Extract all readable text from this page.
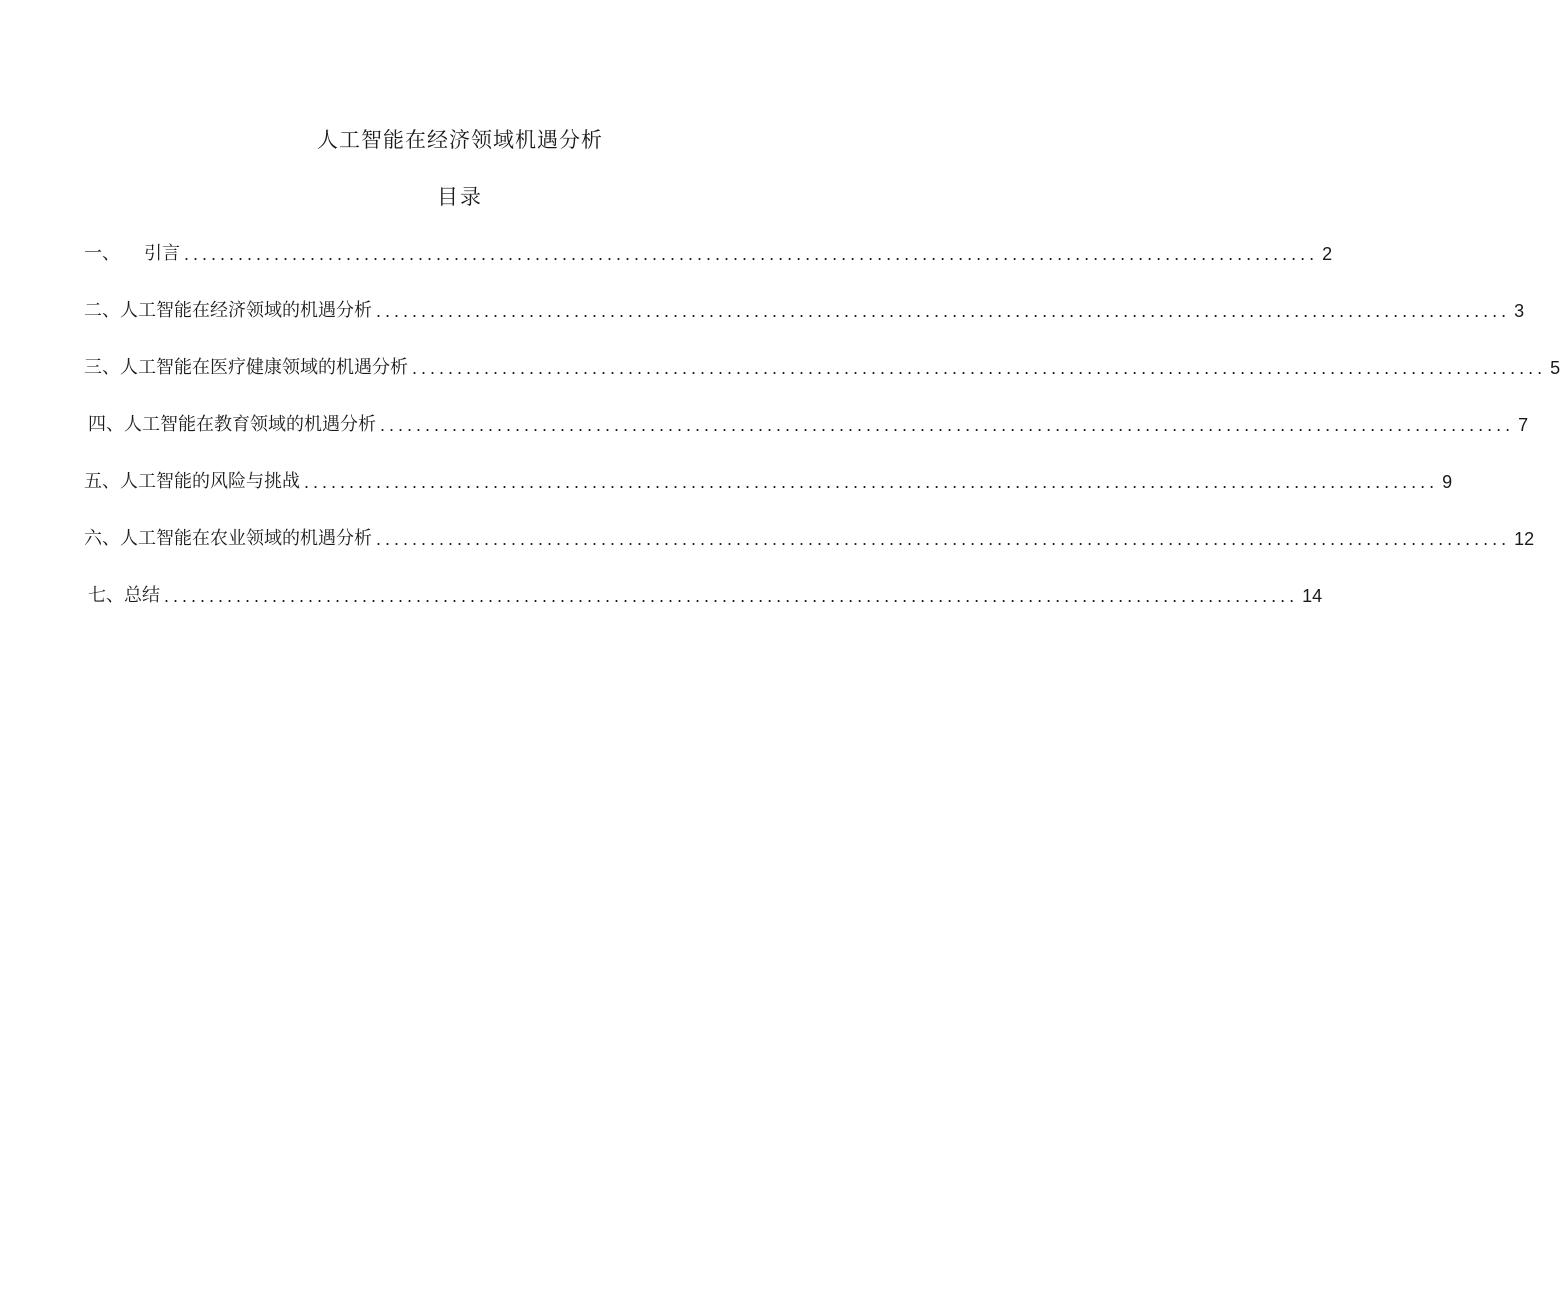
人工智能在经济领域机遇分析
目录
一、 引言 .............................................................................................................................. 2
二、 人工智能在经济领域的机遇分析 .............................................................................................................................. 3
三、 人工智能在医疗健康领域的机遇分析 .............................................................................................................................. 5
四、 人工智能在教育领域的机遇分析 .............................................................................................................................. 7
五、 人工智能的风险与挑战 .............................................................................................................................. 9
六、 人工智能在农业领域的机遇分析 .............................................................................................................................. 12
七、 总结 .............................................................................................................................. 14
